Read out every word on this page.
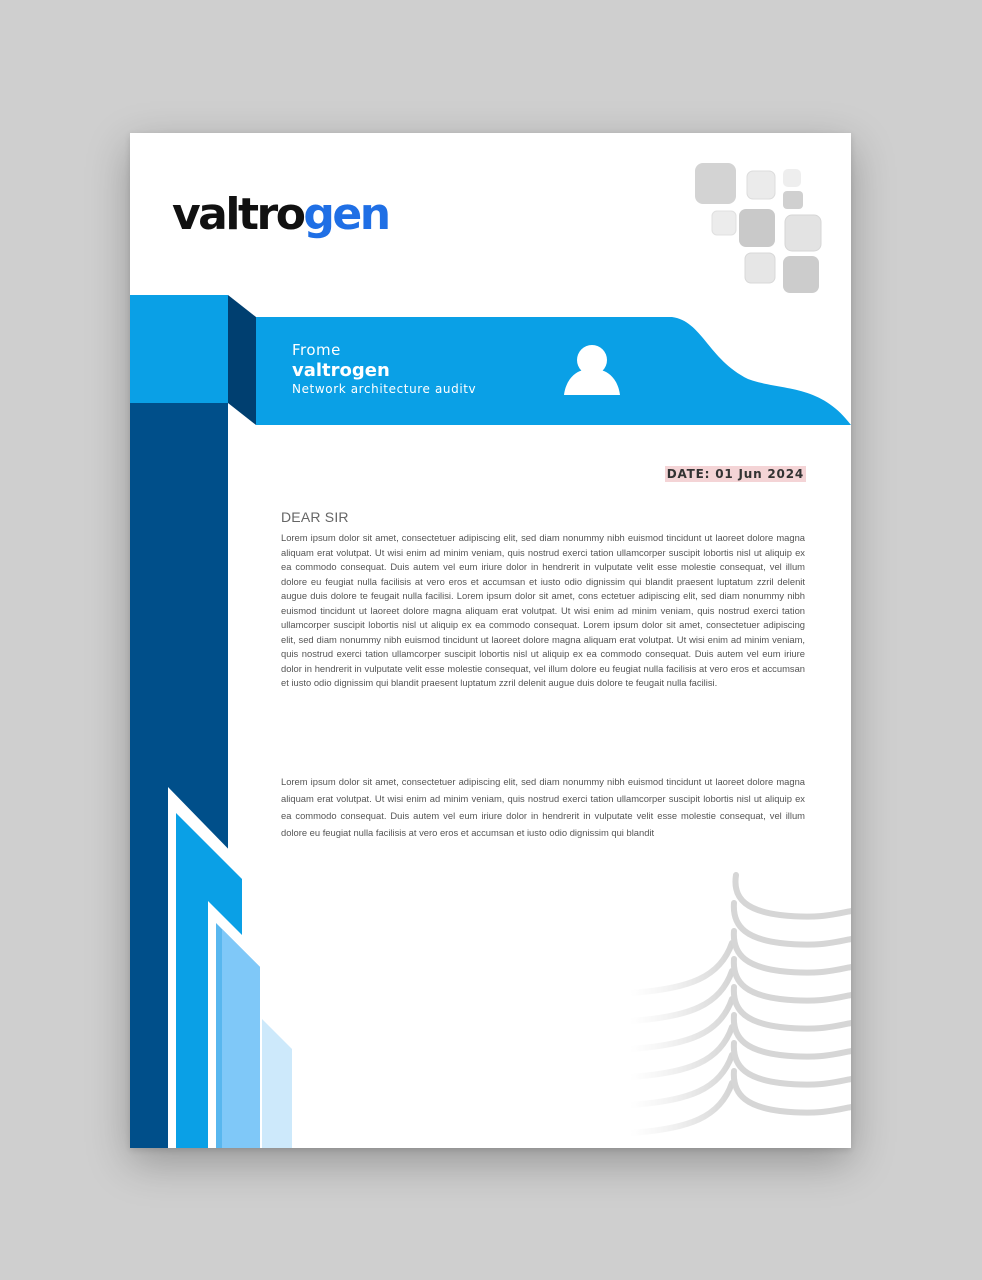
valtrogen
Frome
valtrogen
Network architecture auditv
DATE: 01 Jun 2024
DEAR SIR

Lorem ipsum dolor sit amet, consectetuer adipiscing elit, sed diam nonummy nibh euismod tincidunt ut laoreet dolore magna aliquam erat volutpat. Ut wisi enim ad minim veniam, quis nostrud exerci tation ullamcorper suscipit lobortis nisl ut aliquip ex ea commodo consequat. Duis autem vel eum iriure dolor in hendrerit in vulputate velit esse molestie consequat, vel illum dolore eu feugiat nulla facilisis at vero eros et accumsan et iusto odio dignissim qui blandit praesent luptatum zzril delenit augue duis dolore te feugait nulla facilisi. Lorem ipsum dolor sit amet, cons ectetuer adipiscing elit, sed diam nonummy nibh euismod tincidunt ut laoreet dolore magna aliquam erat volutpat. Ut wisi enim ad minim veniam, quis nostrud exerci tation ullamcorper suscipit lobortis nisl ut aliquip ex ea commodo consequat. Lorem ipsum dolor sit amet, consectetuer adipiscing elit, sed diam nonummy nibh euismod tincidunt ut laoreet dolore magna aliquam erat volutpat. Ut wisi enim ad minim veniam, quis nostrud exerci tation ullamcorper suscipit lobortis nisl ut aliquip ex ea commodo consequat. Duis autem vel eum iriure dolor in hendrerit in vulputate velit esse molestie consequat, vel illum dolore eu feugiat nulla facilisis at vero eros et accumsan et iusto odio dignissim qui blandit praesent luptatum zzril delenit augue duis dolore te feugait nulla facilisi.

Lorem ipsum dolor sit amet, consectetuer adipiscing elit, sed diam nonummy nibh euismod tincidunt ut laoreet dolore magna aliquam erat volutpat. Ut wisi enim ad minim veniam, quis nostrud exerci tation ullamcorper suscipit lobortis nisl ut aliquip ex ea commodo consequat. Duis autem vel eum iriure dolor in hendrerit in vulputate velit esse molestie consequat, vel illum dolore eu feugiat nulla facilisis at vero eros et accumsan et iusto odio dignissim qui blandit
